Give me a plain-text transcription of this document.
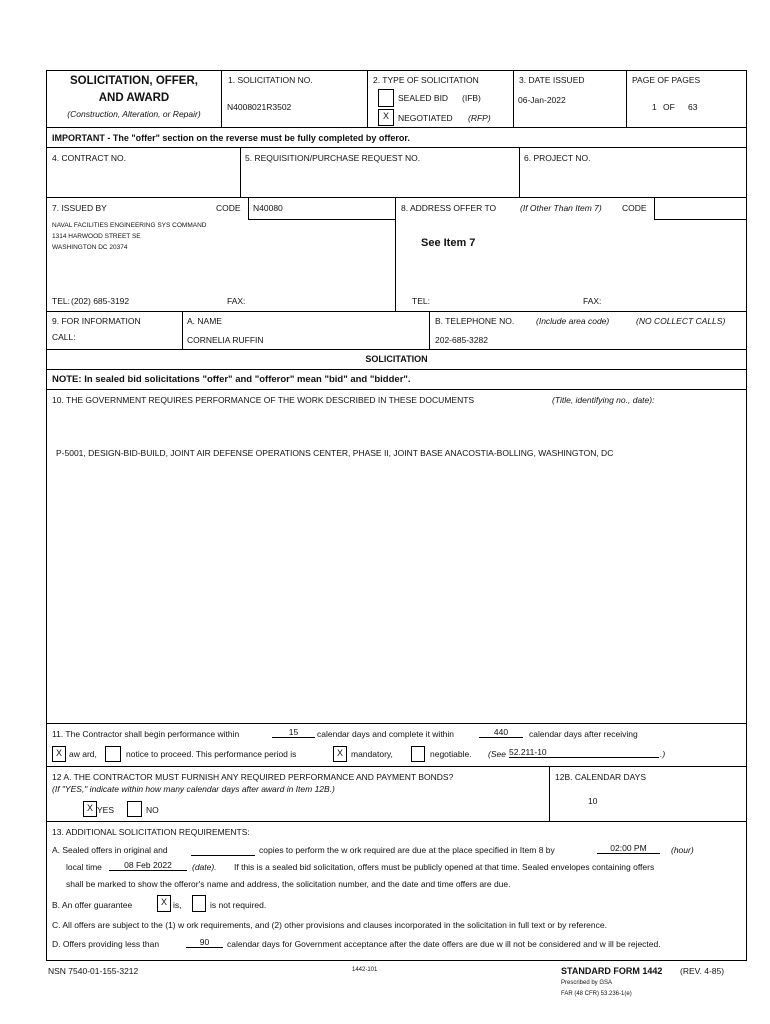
SOLICITATION, OFFER,
AND AWARD
(Construction, Alteration, or Repair)
1. SOLICITATION NO.
N4008021R3502
2. TYPE OF SOLICITATION
SEALED BID (IFB)
X	NEGOTIATED (RFP)
3. DATE ISSUED
06-Jan-2022
PAGE OF PAGES
1 OF 63
IMPORTANT - The "offer" section on the reverse must be fully completed by offeror.
4. CONTRACT NO.	5. REQUISITION/PURCHASE REQUEST NO.	6. PROJECT NO.
7. ISSUED BY	CODE N40080
NAVAL FACILITIES ENGINEERING SYS COMMAND
1314 HARWOOD STREET SE
WASHINGTON DC 20374
TEL: (202) 685-3192	FAX:
8. ADDRESS OFFER TO	(If Other Than Item 7) CODE
See Item 7
TEL:	FAX:
9. FOR INFORMATION
CALL:
A. NAME
CORNELIA RUFFIN
B. TELEPHONE NO.	(Include area code)	(NO COLLECT CALLS)
202-685-3282
SOLICITATION
NOTE: In sealed bid solicitations "offer" and "offeror" mean "bid" and "bidder".
10. THE GOVERNMENT REQUIRES PERFORMANCE OF THE WORK DESCRIBED IN THESE DOCUMENTS	(Title, identifying no., date):
P-5001, DESIGN-BID-BUILD, JOINT AIR DEFENSE OPERATIONS CENTER, PHASE II, JOINT BASE ANACOSTIA-BOLLING, WASHINGTON, DC
11. The Contractor shall begin performance within	15	calendar days and complete it within	440	calendar days after receiving
X aw ard,	notice to proceed. This performance period is	X mandatory,	negotiable. (See 52.211-10	.)
12 A. THE CONTRACTOR MUST FURNISH ANY REQUIRED PERFORMANCE AND PAYMENT BONDS?
(If "YES," indicate within how many calendar days after award in Item 12B.)
X YES	NO
12B. CALENDAR DAYS
10
13. ADDITIONAL SOLICITATION REQUIREMENTS:
A. Sealed offers in original and	copies to perform the w ork required are due at the place specified in Item 8 by	02:00 PM	(hour)
local time	08 Feb 2022	(date). If this is a sealed bid solicitation, offers must be publicly opened at that time. Sealed envelopes containing offers
shall be marked to show the offeror's name and address, the solicitation number, and the date and time offers are due.
B. An offer guarantee	X is,	is not required.
C. All offers are subject to the (1) w ork requirements, and (2) other provisions and clauses incorporated in the solicitation in full text or by reference.
D. Offers providing less than	90	calendar days for Government acceptance after the date offers are due w ill not be considered and w ill be rejected.
NSN 7540-01-155-3212	1442-101	STANDARD FORM 1442 (REV. 4-85)
Prescribed by GSA
FAR (48 CFR) 53.236-1(e)
